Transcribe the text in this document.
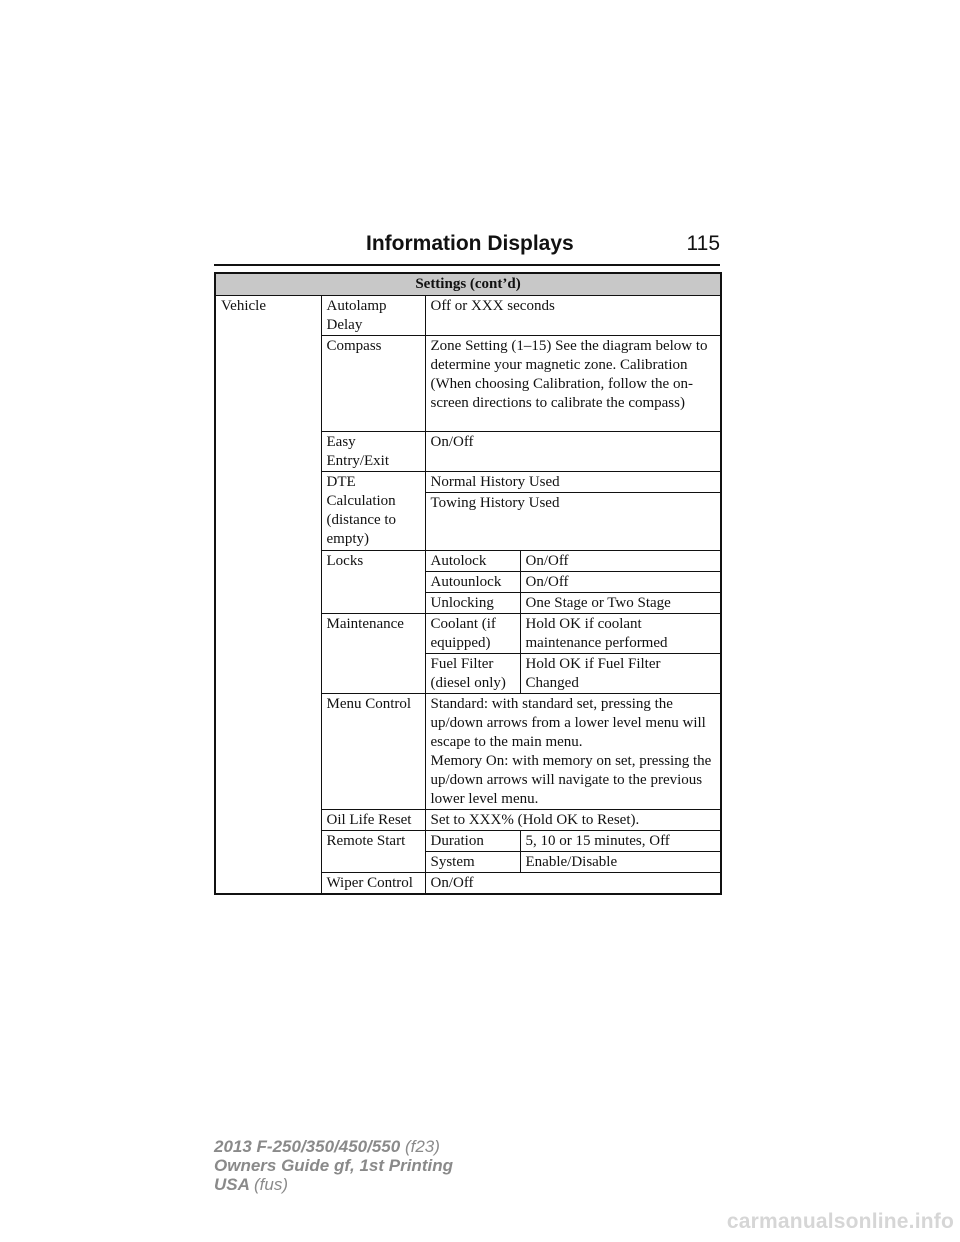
Information Displays	115
Settings (cont’d)			
Vehicle	Autolamp Delay	Off or XXX seconds	
	Compass	Zone Setting (1–15) See the diagram below to determine your magnetic zone. Calibration (When choosing Calibration, follow the on-screen directions to calibrate the compass)	
	Easy Entry/Exit	On/Off	
	DTE Calculation (distance to empty)	Normal History Used	
		Towing History Used	
	Locks	Autolock	On/Off
		Autounlock	On/Off
		Unlocking	One Stage or Two Stage
	Maintenance	Coolant (if equipped)	Hold OK if coolant maintenance performed
		Fuel Filter (diesel only)	Hold OK if Fuel Filter Changed
	Menu Control	Standard: with standard set, pressing the up/down arrows from a lower level menu will escape to the main menu.
Memory On: with memory on set, pressing the up/down arrows will navigate to the previous lower level menu.	

	Oil Life Reset	Set to XXX% (Hold OK to Reset).	
	Remote Start	Duration	5, 10 or 15 minutes, Off
		System	Enable/Disable
	Wiper Control	On/Off	
2013 F-250/350/450/550 (f23)
Owners Guide gf, 1st Printing
USA (fus)
carmanualsonline.info
